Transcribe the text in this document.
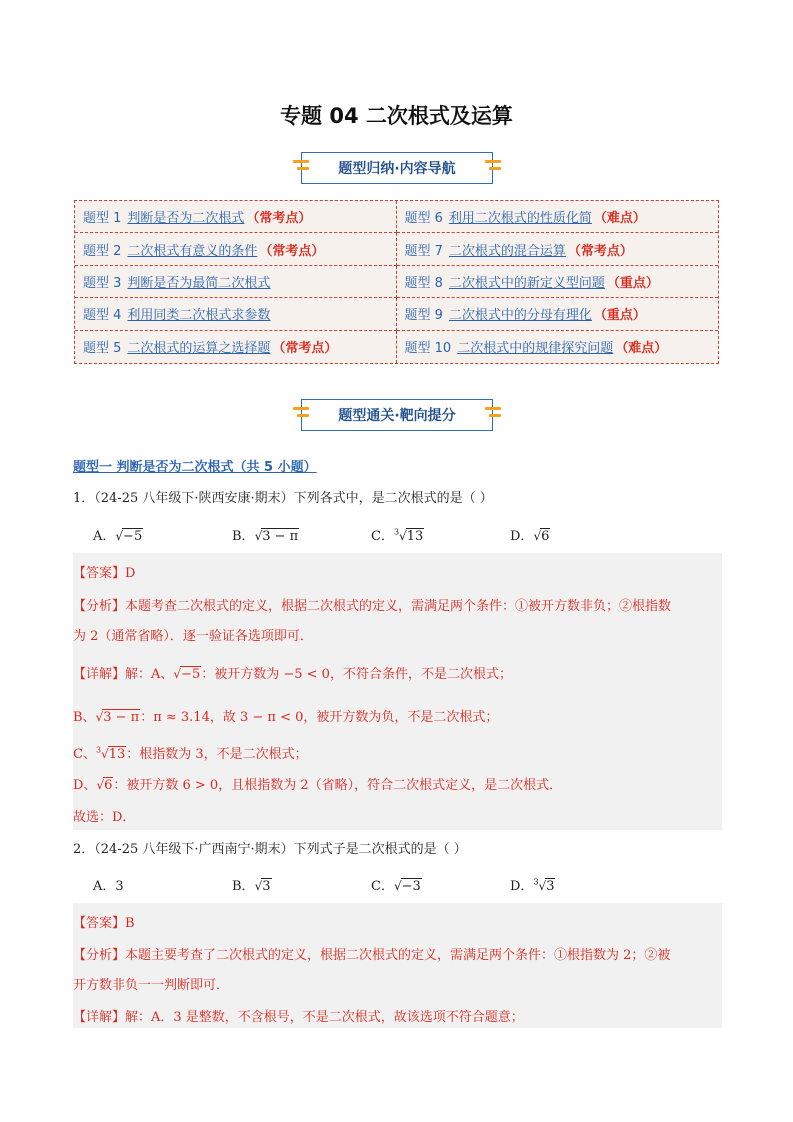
专题 04 二次根式及运算
题型归纳·内容导航
题型 1 判断是否为二次根式 （常考点）	题型 6 利用二次根式的性质化简 （难点）
题型 2 二次根式有意义的条件 （常考点）	题型 7 二次根式的混合运算 （常考点）
题型 3 判断是否为最简二次根式	题型 8 二次根式中的新定义型问题 （重点）
题型 4 利用同类二次根式求参数	题型 9 二次根式中的分母有理化 （重点）
题型 5 二次根式的运算之选择题 （常考点）	题型 10 二次根式中的规律探究问题 （难点）
题型通关·靶向提分
题型一 判断是否为二次根式（共 5 小题）
1．（24-25 八年级下·陕西安康·期末）下列各式中，是二次根式的是（ ）
A．√−5	B．√3 − π	C．$^3$√13	D．√6
【答案】D
【分析】本题考查二次根式的定义，根据二次根式的定义，需满足两个条件：①被开方数非负；②根指数
为 2（通常省略）．逐一验证各选项即可．
【详解】解：A、√−5：被开方数为 −5 < 0，不符合条件，不是二次根式；
B、√3 − π：π ≈ 3.14，故 3 − π < 0，被开方数为负，不是二次根式；
C、$^3$√13：根指数为 3，不是二次根式；
D、√6：被开方数 6 > 0，且根指数为 2（省略），符合二次根式定义，是二次根式．
故选：D．
2．（24-25 八年级下·广西南宁·期末）下列式子是二次根式的是（ ）
A．3	B．√3	C．√−3	D．$^3$√3
【答案】B
【分析】本题主要考查了二次根式的定义，根据二次根式的定义，需满足两个条件：①根指数为 2；②被
开方数非负一一判断即可．
【详解】解：A．3 是整数，不含根号，不是二次根式，故该选项不符合题意；
